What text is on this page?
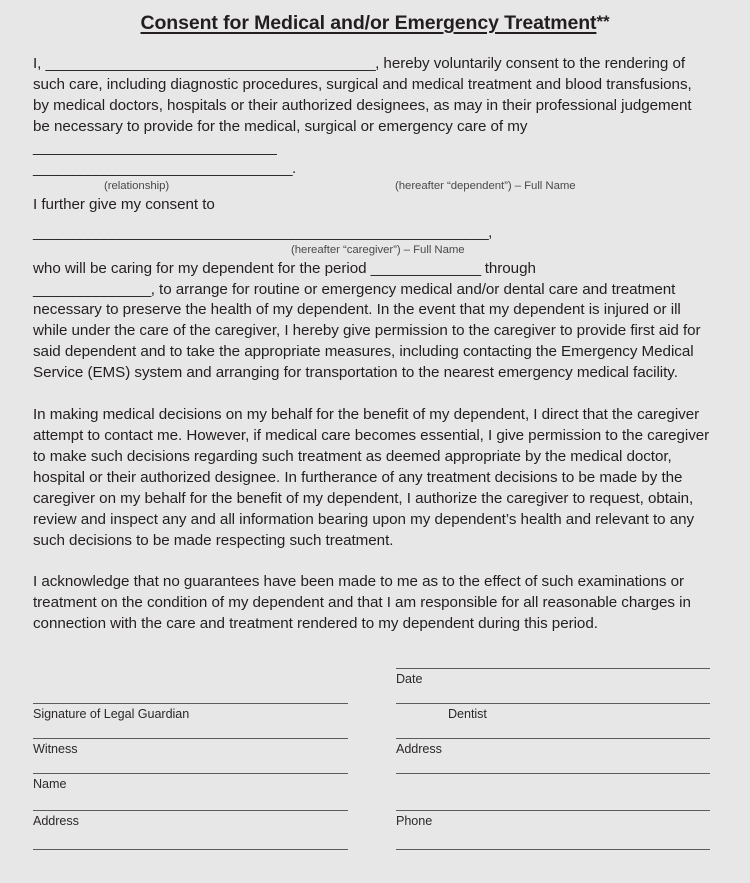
Consent for Medical and/or Emergency Treatment**

I, __________________________________________, hereby voluntarily consent to the rendering of such care, including diagnostic procedures, surgical and medical treatment and blood transfusions, by medical doctors, hospitals or their authorized designees, as may in their professional judgement be necessary to provide for the medical, surgical or emergency care of my _______________________________

_________________________________.

(relationship)	(hereafter “dependent”) – Full Name

I further give my consent to

__________________________________________________________,

(hereafter “caregiver”) – Full Name

who will be caring for my dependent for the period ______________ through
_______________, to arrange for routine or emergency medical and/or dental care and treatment necessary to preserve the health of my dependent. In the event that my dependent is injured or ill while under the care of the caregiver, I hereby give permission to the caregiver to provide first aid for said dependent and to take the appropriate measures, including contacting the Emergency Medical Service (EMS) system and arranging for transportation to the nearest emergency medical facility.

In making medical decisions on my behalf for the benefit of my dependent, I direct that the caregiver attempt to contact me. However, if medical care becomes essential, I give permission to the caregiver to make such decisions regarding such treatment as deemed appropriate by the medical doctor, hospital or their authorized designee. In furtherance of any treatment decisions to be made by the caregiver on my behalf for the benefit of my dependent, I authorize the caregiver to request, obtain, review and inspect any and all information bearing upon my dependent’s health and relevant to any such decisions to be made respecting such treatment.

I acknowledge that no guarantees have been made to me as to the effect of such examinations or treatment on the condition of my dependent and that I am responsible for all reasonable charges in connection with the care and treatment rendered to my dependent during this period.

Date
Dentist
Address
Phone
Signature of Legal Guardian
Witness
Name
Address
